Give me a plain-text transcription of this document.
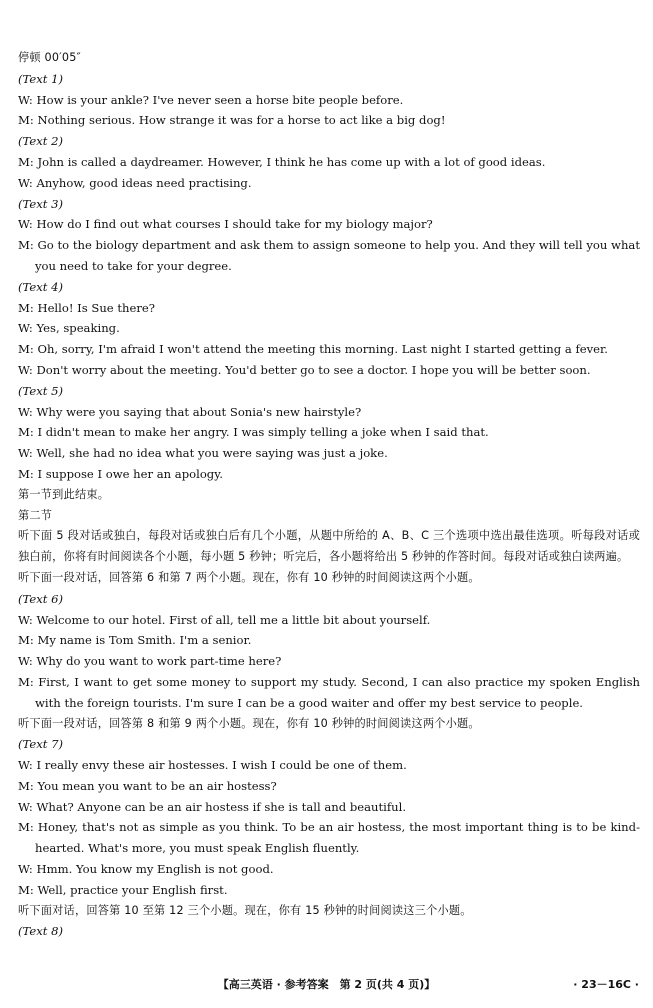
停顿 00′05″
(Text 1)
W: How is your ankle? I've never seen a horse bite people before.
M: Nothing serious. How strange it was for a horse to act like a big dog!
(Text 2)
M: John is called a daydreamer. However, I think he has come up with a lot of good ideas.
W: Anyhow, good ideas need practising.
(Text 3)
W: How do I find out what courses I should take for my biology major?
M: Go to the biology department and ask them to assign someone to help you. And they will tell you what you need to take for your degree.
(Text 4)
M: Hello! Is Sue there?
W: Yes, speaking.
M: Oh, sorry, I'm afraid I won't attend the meeting this morning. Last night I started getting a fever.
W: Don't worry about the meeting. You'd better go to see a doctor. I hope you will be better soon.
(Text 5)
W: Why were you saying that about Sonia's new hairstyle?
M: I didn't mean to make her angry. I was simply telling a joke when I said that.
W: Well, she had no idea what you were saying was just a joke.
M: I suppose I owe her an apology.
第一节到此结束。
第二节
听下面 5 段对话或独白，每段对话或独白后有几个小题，从题中所给的 A、B、C 三个选项中选出最佳选项。听每段对话或独白前，你将有时间阅读各个小题，每小题 5 秒钟；听完后，各小题将给出 5 秒钟的作答时间。每段对话或独白读两遍。
听下面一段对话，回答第 6 和第 7 两个小题。现在，你有 10 秒钟的时间阅读这两个小题。
(Text 6)
W: Welcome to our hotel. First of all, tell me a little bit about yourself.
M: My name is Tom Smith. I'm a senior.
W: Why do you want to work part-time here?
M: First, I want to get some money to support my study. Second, I can also practice my spoken English with the foreign tourists. I'm sure I can be a good waiter and offer my best service to people.
听下面一段对话，回答第 8 和第 9 两个小题。现在，你有 10 秒钟的时间阅读这两个小题。
(Text 7)
W: I really envy these air hostesses. I wish I could be one of them.
M: You mean you want to be an air hostess?
W: What? Anyone can be an air hostess if she is tall and beautiful.
M: Honey, that's not as simple as you think. To be an air hostess, the most important thing is to be kind-hearted. What's more, you must speak English fluently.
W: Hmm. You know my English is not good.
M: Well, practice your English first.
听下面对话，回答第 10 至第 12 三个小题。现在，你有 15 秒钟的时间阅读这三个小题。
(Text 8)
【高三英语 · 参考答案　第 2 页(共 4 页)】	· 23－16C ·
